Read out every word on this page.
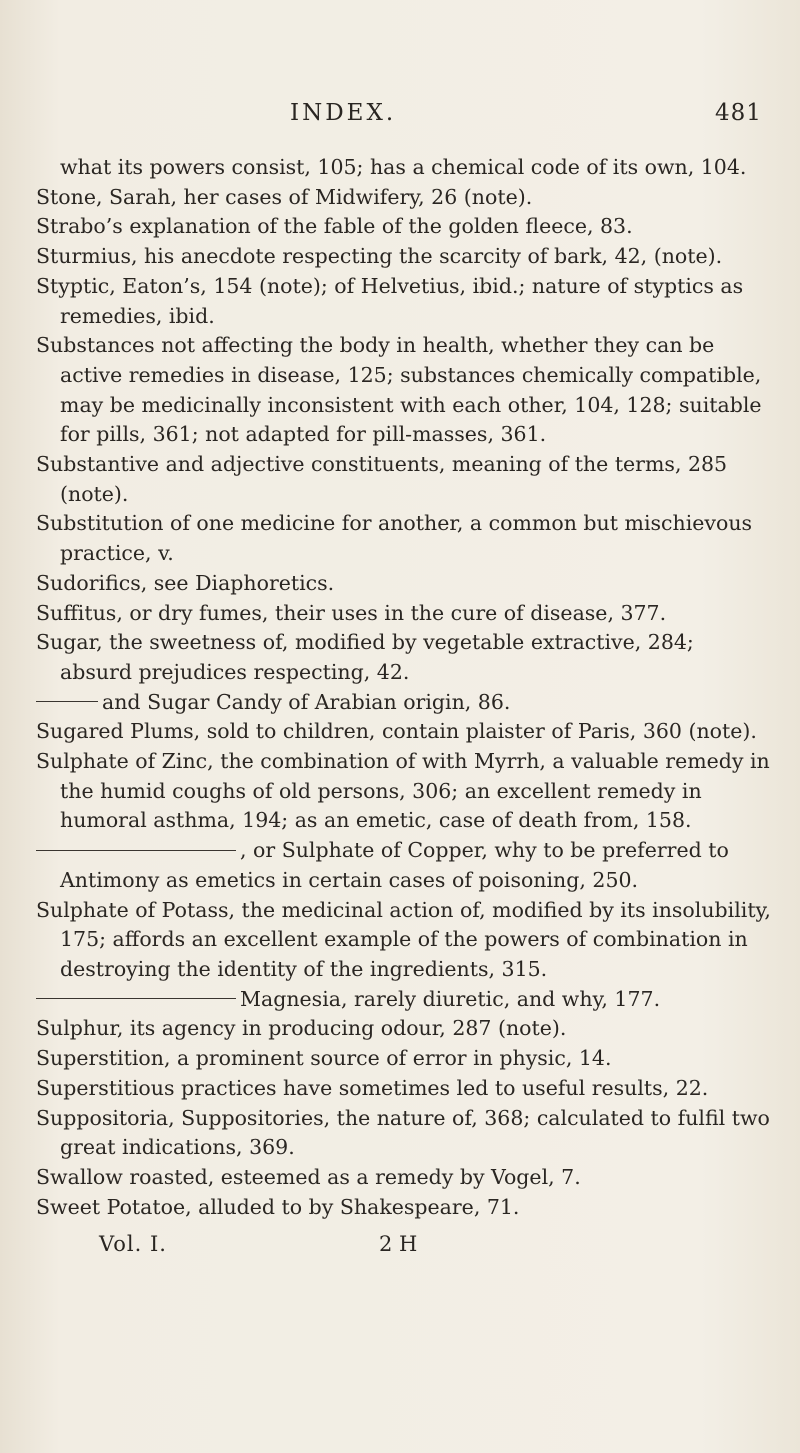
INDEX.	481
what its powers consist, 105; has a chemical code of its own, 104.
Stone, Sarah, her cases of Midwifery, 26 (note).
Strabo’s explanation of the fable of the golden fleece, 83.
Sturmius, his anecdote respecting the scarcity of bark, 42, (note).
Styptic, Eaton’s, 154 (note); of Helvetius, ibid.; nature of styptics as remedies, ibid.
Substances not affecting the body in health, whether they can be active remedies in disease, 125; substances chemically compatible, may be medicinally inconsistent with each other, 104, 128; suitable for pills, 361; not adapted for pill-masses, 361.
Substantive and adjective constituents, meaning of the terms, 285 (note).
Substitution of one medicine for another, a common but mischievous practice, v.
Sudorifics, see Diaphoretics.
Suffitus, or dry fumes, their uses in the cure of disease, 377.
Sugar, the sweetness of, modified by vegetable extractive, 284; absurd prejudices respecting, 42.
and Sugar Candy of Arabian origin, 86.
Sugared Plums, sold to children, contain plaister of Paris, 360 (note).
Sulphate of Zinc, the combination of with Myrrh, a valuable remedy in the humid coughs of old persons, 306; an excellent remedy in humoral asthma, 194; as an emetic, case of death from, 158.
, or Sulphate of Copper, why to be preferred to Antimony as emetics in certain cases of poisoning, 250.
Sulphate of Potass, the medicinal action of, modified by its insolubility, 175; affords an excellent example of the powers of combination in destroying the identity of the ingredients, 315.
Magnesia, rarely diuretic, and why, 177.
Sulphur, its agency in producing odour, 287 (note).
Superstition, a prominent source of error in physic, 14.
Superstitious practices have sometimes led to useful results, 22.
Suppositoria, Suppositories, the nature of, 368; calculated to fulfil two great indications, 369.
Swallow roasted, esteemed as a remedy by Vogel, 7.
Sweet Potatoe, alluded to by Shakespeare, 71.
Vol. I.	2 H
